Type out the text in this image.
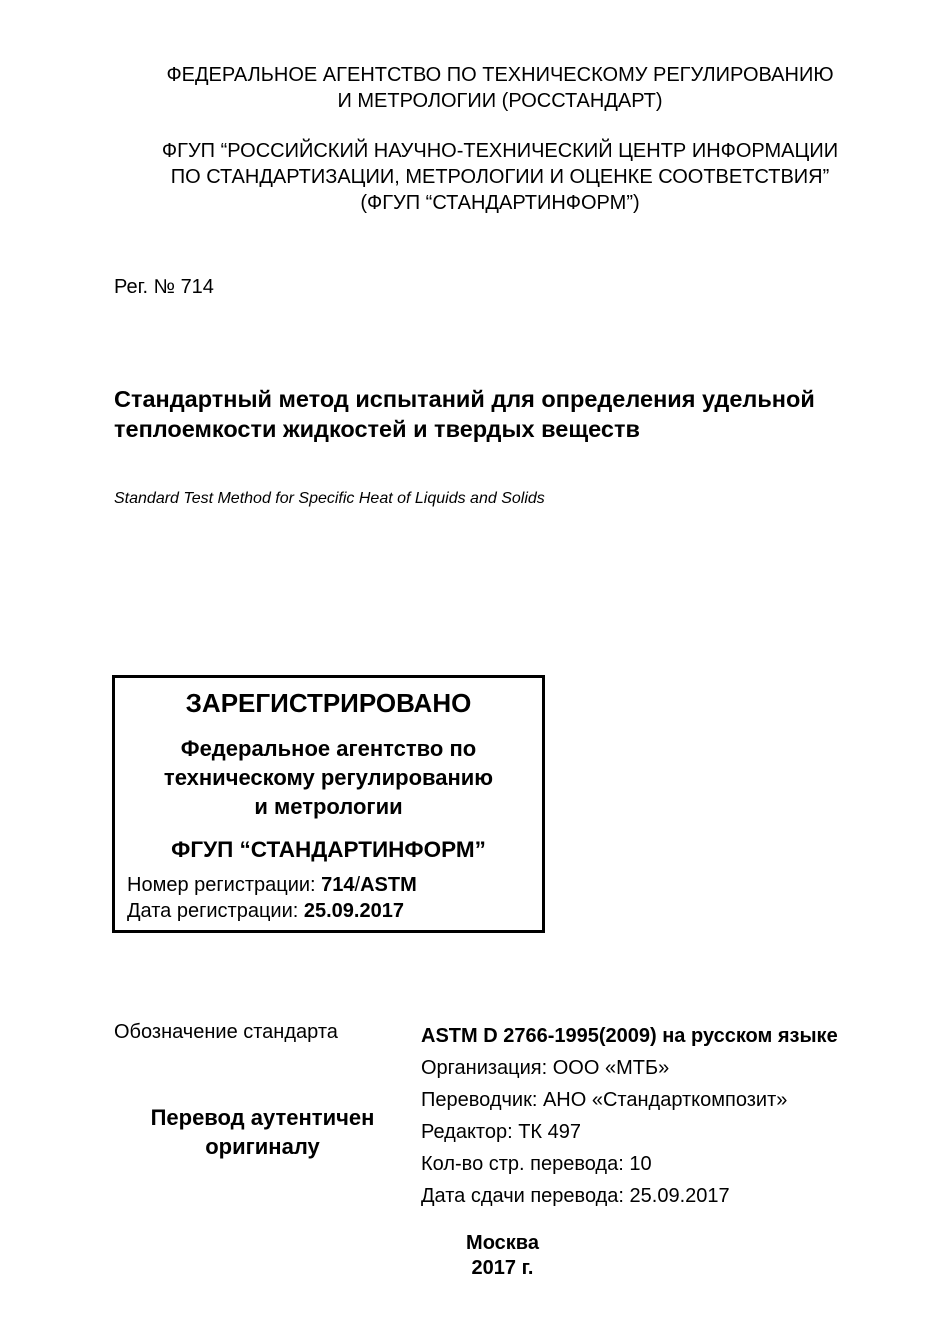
ФЕДЕРАЛЬНОЕ АГЕНТСТВО ПО ТЕХНИЧЕСКОМУ РЕГУЛИРОВАНИЮ
И МЕТРОЛОГИИ (РОССТАНДАРТ)
ФГУП “РОССИЙСКИЙ НАУЧНО-ТЕХНИЧЕСКИЙ ЦЕНТР ИНФОРМАЦИИ
ПО СТАНДАРТИЗАЦИИ, МЕТРОЛОГИИ И ОЦЕНКЕ СООТВЕТСТВИЯ”
(ФГУП “СТАНДАРТИНФОРМ”)
Рег. № 714
Стандартный метод испытаний для определения удельной
теплоемкости жидкостей и твердых веществ
Standard Test Method for Specific Heat of Liquids and Solids
ЗАРЕГИСТРИРОВАНО
Федеральное агентство по
техническому регулированию
и метрологии
ФГУП “СТАНДАРТИНФОРМ”
Номер регистрации: 714/ASTM
Дата регистрации: 25.09.2017
Обозначение стандарта
Перевод аутентичен
оригиналу
ASTM D 2766-1995(2009) на русском языке
Организация: ООО «МТБ»
Переводчик: АНО «Стандарткомпозит»
Редактор: ТК 497
Кол-во стр. перевода: 10
Дата сдачи перевода: 25.09.2017
Москва
2017 г.
